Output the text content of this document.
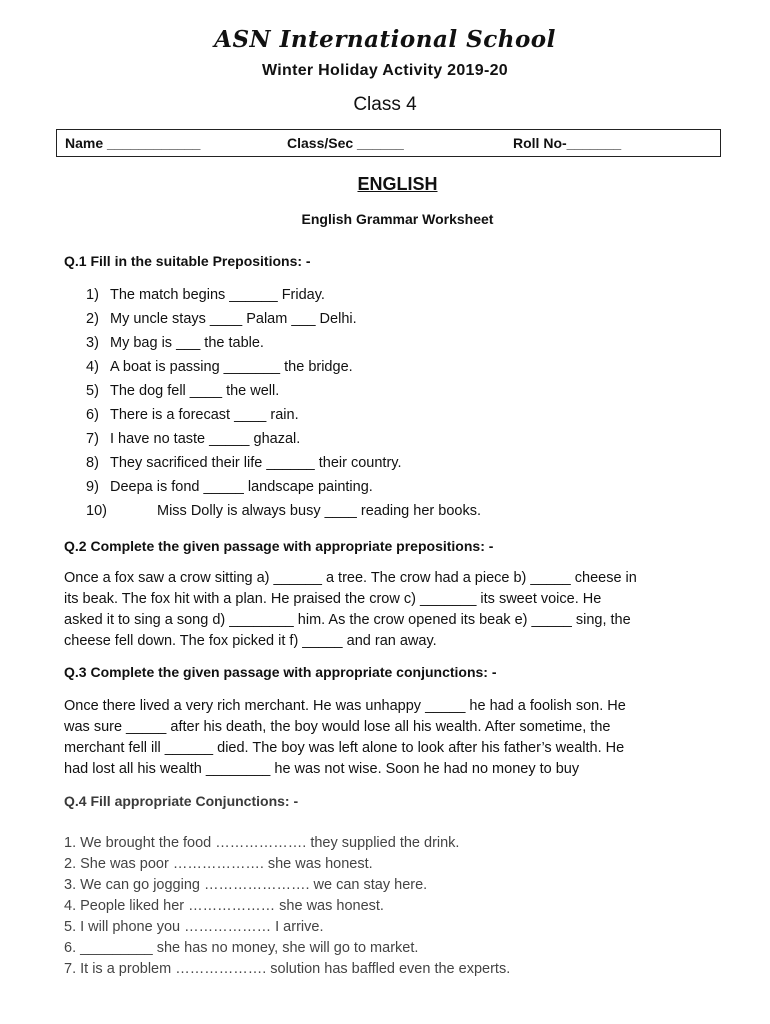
ASN International School
Winter Holiday Activity 2019-20
Class 4
Name ____________	Class/Sec ______	Roll No-_______
ENGLISH
English Grammar Worksheet
Q.1 Fill in the suitable Prepositions: -
1) The match begins ______ Friday.
2) My uncle stays ____ Palam ___ Delhi.
3) My bag is ___ the table.
4) A boat is passing _______ the bridge.
5) The dog fell ____ the well.
6) There is a forecast ____ rain.
7) I have no taste _____ ghazal.
8) They sacrificed their life ______ their country.
9) Deepa is fond _____ landscape painting.
10)	Miss Dolly is always busy ____ reading her books.
Q.2 Complete the given passage with appropriate prepositions: -
Once a fox saw a crow sitting a) ______ a tree. The crow had a piece b) _____ cheese in
its beak. The fox hit with a plan. He praised the crow c) _______ its sweet voice. He
asked it to sing a song d) ________ him. As the crow opened its beak e) _____ sing, the
cheese fell down. The fox picked it f) _____ and ran away.
Q.3 Complete the given passage with appropriate conjunctions: -
Once there lived a very rich merchant. He was unhappy _____ he had a foolish son. He
was sure _____ after his death, the boy would lose all his wealth. After sometime, the
merchant fell ill ______ died. The boy was left alone to look after his father’s wealth. He
had lost all his wealth ________ he was not wise. Soon he had no money to buy
Q.4 Fill appropriate Conjunctions: -
1. We brought the food ………………. they supplied the drink.
2. She was poor ………………. she was honest.
3. We can go jogging …………………. we can stay here.
4. People liked her ……………… she was honest.
5. I will phone you ……………… I arrive.
6. _________ she has no money, she will go to market.
7. It is a problem ………………. solution has baffled even the experts.
